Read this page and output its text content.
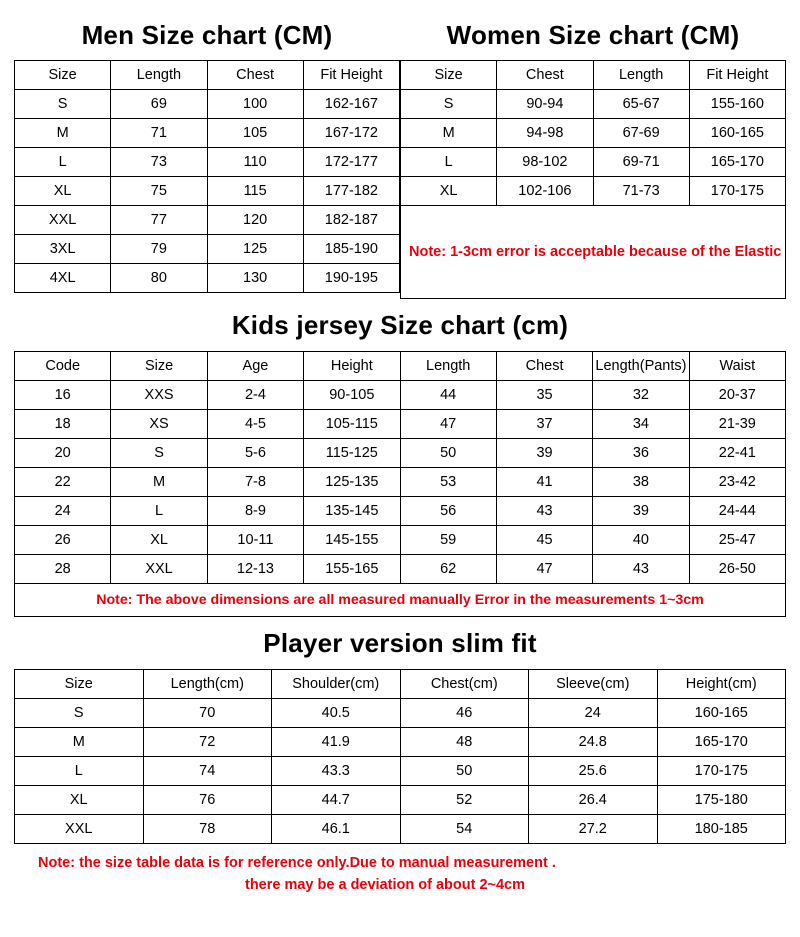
Men Size chart (CM)	Women Size chart (CM)
Size	Length	Chest	Fit Height
S	69	100	162-167
M	71	105	167-172
L	73	110	172-177
XL	75	115	177-182
XXL	77	120	182-187
3XL	79	125	185-190
4XL	80	130	190-195
Size	Chest	Length	Fit Height
S	90-94	65-67	155-160
M	94-98	67-69	160-165
L	98-102	69-71	165-170
XL	102-106	71-73	170-175

Note: 1-3cm error is acceptable because of the Elastic			
Kids jersey Size chart (cm)
Code	Size	Age	Height	Length	Chest	Length(Pants)	Waist
16	XXS	2-4	90-105	44	35	32	20-37
18	XS	4-5	105-115	47	37	34	21-39
20	S	5-6	115-125	50	39	36	22-41
22	M	7-8	125-135	53	41	38	23-42
24	L	8-9	135-145	56	43	39	24-44
26	XL	10-11	145-155	59	45	40	25-47
28	XXL	12-13	155-165	62	47	43	26-50
Note: The above dimensions are all measured manually Error in the measurements 1~3cm
Player version slim fit
Size	Length(cm)	Shoulder(cm)	Chest(cm)	Sleeve(cm)	Height(cm)
S	70	40.5	46	24	160-165
M	72	41.9	48	24.8	165-170
L	74	43.3	50	25.6	170-175
XL	76	44.7	52	26.4	175-180
XXL	78	46.1	54	27.2	180-185
Note: the size table data is for reference only.Due to manual measurement .
there may be a deviation of about 2~4cm
